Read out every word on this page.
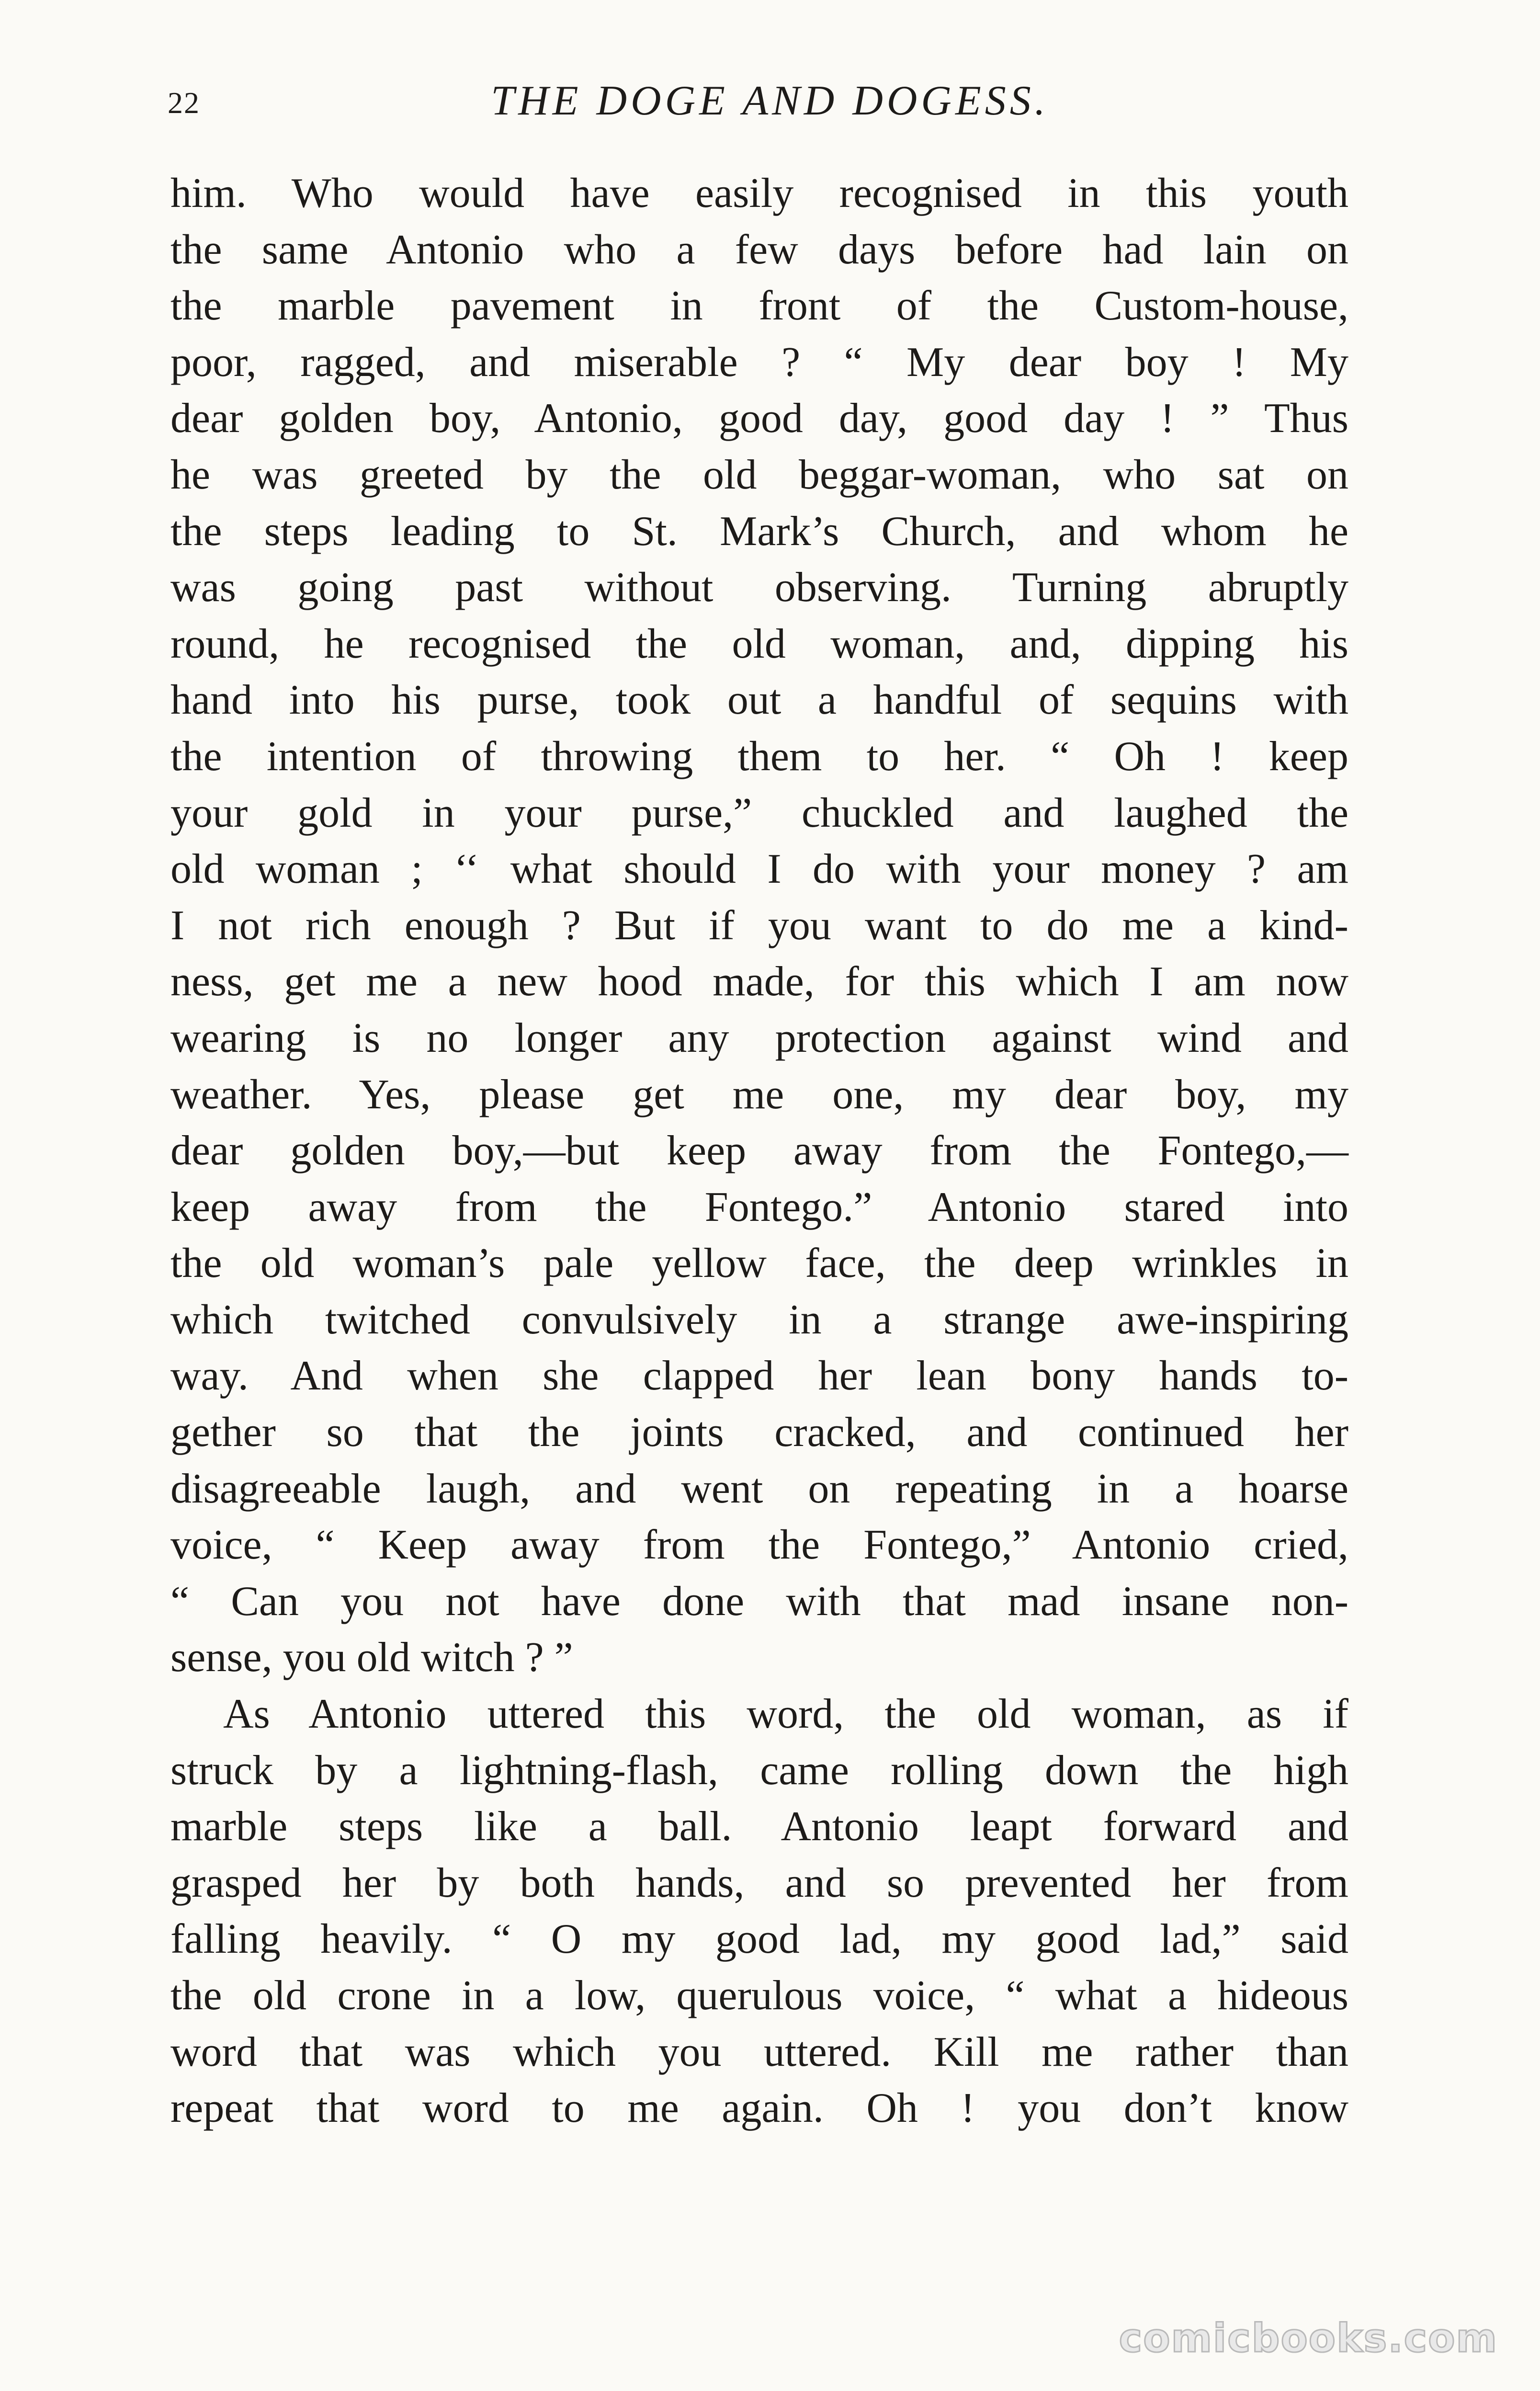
22	THE DOGE AND DOGESS.
him. Who would have easily recognised in this youth
the same Antonio who a few days before had lain on
the marble pavement in front of the Custom-house,
poor, ragged, and miserable ? “ My dear boy ! My
dear golden boy, Antonio, good day, good day ! ” Thus
he was greeted by the old beggar-woman, who sat on
the steps leading to St. Mark’s Church, and whom he
was going past without observing. Turning abruptly
round, he recognised the old woman, and, dipping his
hand into his purse, took out a handful of sequins with
the intention of throwing them to her. “ Oh ! keep
your gold in your purse,” chuckled and laughed the
old woman ; ‘‘ what should I do with your money ? am
I not rich enough ? But if you want to do me a kind-
ness, get me a new hood made, for this which I am now
wearing is no longer any protection against wind and
weather. Yes, please get me one, my dear boy, my
dear golden boy,—but keep away from the Fontego,—
keep away from the Fontego.” Antonio stared into
the old woman’s pale yellow face, the deep wrinkles in
which twitched convulsively in a strange awe-inspiring
way. And when she clapped her lean bony hands to-
gether so that the joints cracked, and continued her
disagreeable laugh, and went on repeating in a hoarse
voice, “ Keep away from the Fontego,” Antonio cried,
“ Can you not have done with that mad insane non-
sense, you old witch ? ”
As Antonio uttered this word, the old woman, as if
struck by a lightning-flash, came rolling down the high
marble steps like a ball. Antonio leapt forward and
grasped her by both hands, and so prevented her from
falling heavily. “ O my good lad, my good lad,” said
the old crone in a low, querulous voice, “ what a hideous
word that was which you uttered. Kill me rather than
repeat that word to me again. Oh ! you don’t know
comicbooks.com
